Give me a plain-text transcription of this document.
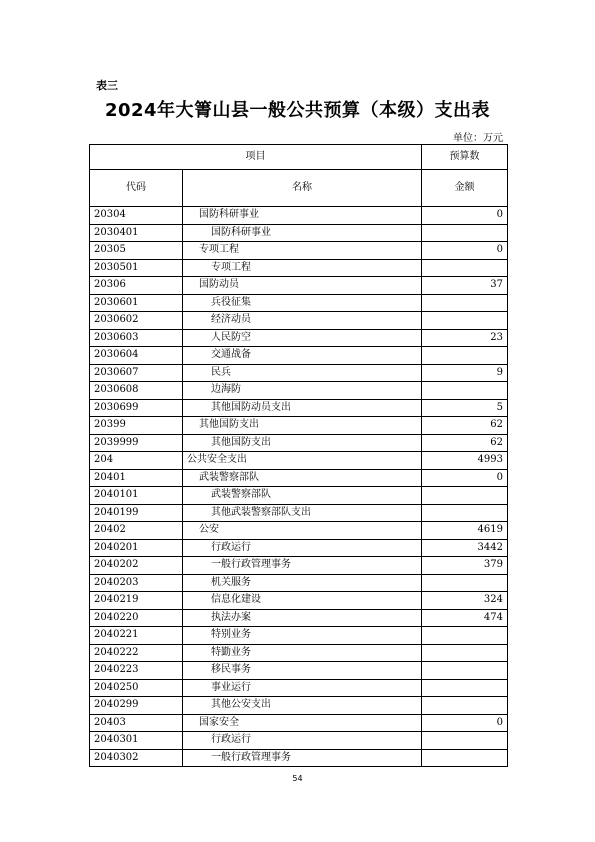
表三
2024年大箐山县一般公共预算（本级）支出表
单位：万元
项目		预算数
代码	名称	金额
20304	国防科研事业	0
2030401	国防科研事业	
20305	专项工程	0
2030501	专项工程	
20306	国防动员	37
2030601	兵役征集	
2030602	经济动员	
2030603	人民防空	23
2030604	交通战备	
2030607	民兵	9
2030608	边海防	
2030699	其他国防动员支出	5
20399	其他国防支出	62
2039999	其他国防支出	62
204	公共安全支出	4993
20401	武装警察部队	0
2040101	武装警察部队	
2040199	其他武装警察部队支出	
20402	公安	4619
2040201	行政运行	3442
2040202	一般行政管理事务	379
2040203	机关服务	
2040219	信息化建设	324
2040220	执法办案	474
2040221	特别业务	
2040222	特勤业务	
2040223	移民事务	
2040250	事业运行	
2040299	其他公安支出	
20403	国家安全	0
2040301	行政运行	
2040302	一般行政管理事务	
54
